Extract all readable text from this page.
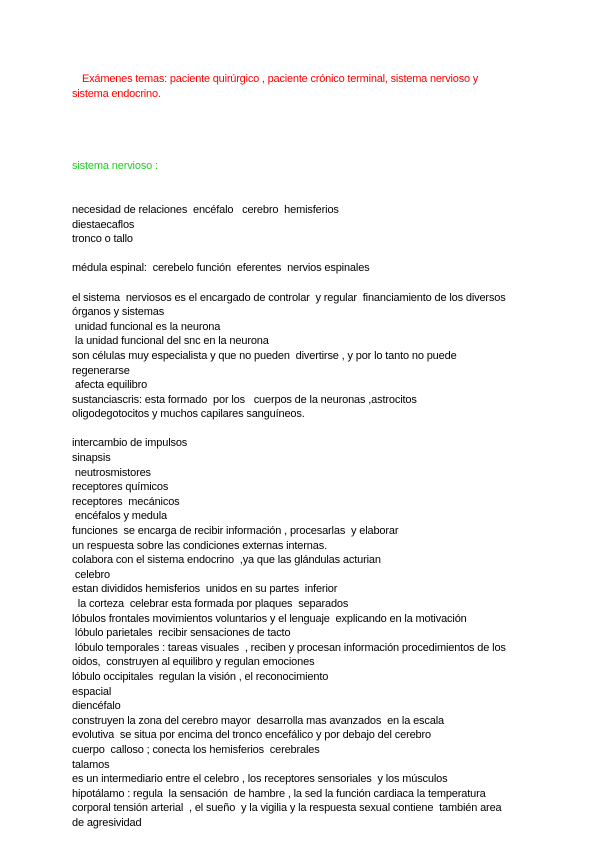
Exámenes temas: paciente quirúrgico , paciente crónico terminal, sistema nervioso y
sistema endocrino.

sistema nervioso :

necesidad de relaciones  encéfalo   cerebro  hemisferios
diestaecaflos
tronco o tallo
médula espinal:  cerebelo función  eferentes  nervios espinales
el sistema  nerviosos es el encargado de controlar  y regular  financiamiento de los diversos
órganos y sistemas
unidad funcional es la neurona
la unidad funcional del snc en la neurona
son células muy especialista y que no pueden  divertirse , y por lo tanto no puede
regenerarse
afecta equilibro
sustanciascris: esta formado  por los   cuerpos de la neuronas ,astrocitos
oligodegotocitos y muchos capilares sanguíneos.
intercambio de impulsos
sinapsis
neutrosmistores
receptores químicos
receptores  mecánicos
encéfalos y medula
funciones  se encarga de recibir información , procesarlas  y elaborar
un respuesta sobre las condiciones externas internas.
colabora con el sistema endocrino  ,ya que las glándulas acturian
celebro
estan divididos hemisferios  unidos en su partes  inferior
la corteza  celebrar esta formada por plaques  separados
lóbulos frontales movimientos voluntarios y el lenguaje  explicando en la motivación
lóbulo parietales  recibir sensaciones de tacto
lóbulo temporales : tareas visuales  , reciben y procesan información procedimientos de los
oidos,  construyen al equilibro y regulan emociones
lóbulo occipitales  regulan la visión , el reconocimiento
espacial
diencéfalo
construyen la zona del cerebro mayor  desarrolla mas avanzados  en la escala
evolutiva  se situa por encima del tronco encefálico y por debajo del cerebro
cuerpo  calloso ; conecta los hemisferios  cerebrales
talamos
es un intermediario entre el celebro , los receptores sensoriales  y los músculos
hipotálamo : regula  la sensación  de hambre , la sed la función cardiaca la temperatura
corporal tensión arterial  , el sueño  y la vigilia y la respuesta sexual contiene  también area
de agresividad
